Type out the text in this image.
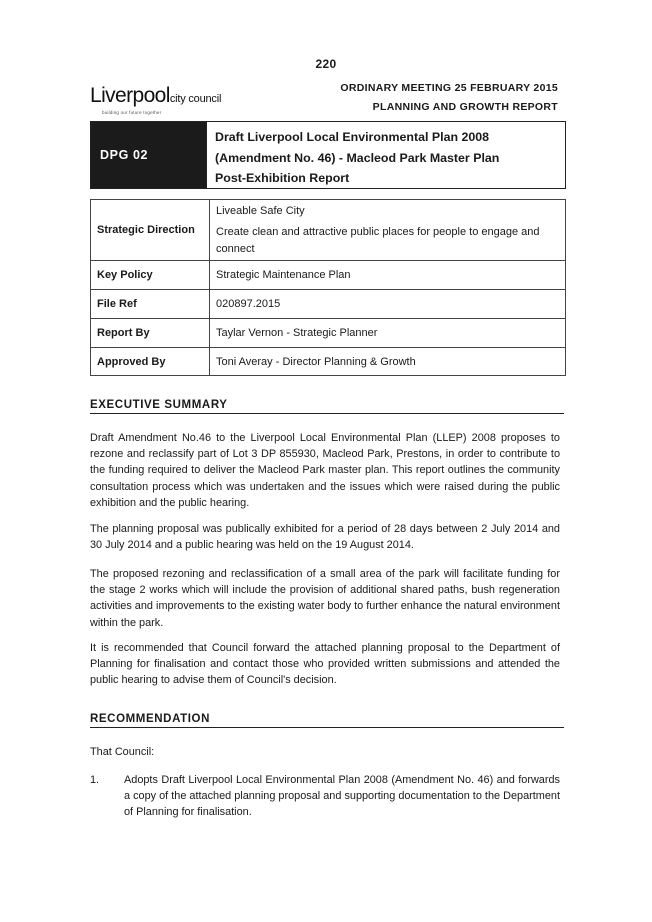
220
Liverpoolcity council
building our future together
ORDINARY MEETING 25 FEBRUARY 2015
PLANNING AND GROWTH REPORT
DPG 02
Draft Liverpool Local Environmental Plan 2008
(Amendment No. 46) - Macleod Park Master Plan
Post-Exhibition Report
Strategic Direction	Liveable Safe City
Create clean and attractive public places for people to engage and
connect

Key Policy	Strategic Maintenance Plan
File Ref	020897.2015
Report By	Taylar Vernon - Strategic Planner
Approved By	Toni Averay - Director Planning & Growth
EXECUTIVE SUMMARY
Draft Amendment No.46 to the Liverpool Local Environmental Plan (LLEP) 2008 proposes to rezone and reclassify part of Lot 3 DP 855930, Macleod Park, Prestons, in order to contribute to the funding required to deliver the Macleod Park master plan. This report outlines the community consultation process which was undertaken and the issues which were raised during the public exhibition and the public hearing.
The planning proposal was publically exhibited for a period of 28 days between 2 July 2014 and 30 July 2014 and a public hearing was held on the 19 August 2014.
The proposed rezoning and reclassification of a small area of the park will facilitate funding for the stage 2 works which will include the provision of additional shared paths, bush regeneration activities and improvements to the existing water body to further enhance the natural environment within the park.
It is recommended that Council forward the attached planning proposal to the Department of Planning for finalisation and contact those who provided written submissions and attended the public hearing to advise them of Council's decision.
RECOMMENDATION
That Council:
1.	Adopts Draft Liverpool Local Environmental Plan 2008 (Amendment No. 46) and forwards a copy of the attached planning proposal and supporting documentation to the Department of Planning for finalisation.
